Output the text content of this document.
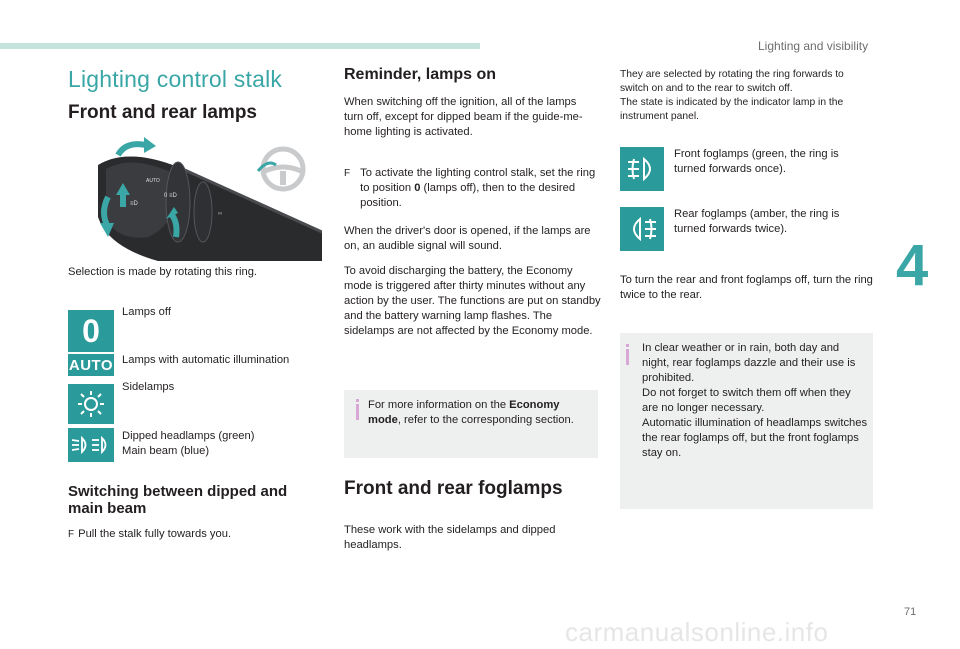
Lighting and visibility
Lighting control stalk
Front and rear lamps
AUTO
0 ≡D
≡D
∞
Selection is made by rotating this ring.
0
Lamps off
AUTO Lamps with automatic illumination
Sidelamps
Dipped headlamps (green)
Main beam (blue)
Switching between dipped and main beam
F Pull the stalk fully towards you.
Reminder, lamps on
When switching off the ignition, all of the lamps turn off, except for dipped beam if the guide-me-home lighting is activated.
F To activate the lighting control stalk, set the ring to position 0 (lamps off), then to the desired position.
When the driver's door is opened, if the lamps are on, an audible signal will sound.
To avoid discharging the battery, the Economy mode is triggered after thirty minutes without any action by the user. The functions are put on standby and the battery warning lamp flashes. The sidelamps are not affected by the Economy mode.
For more information on the Economy mode, refer to the corresponding section.
Front and rear foglamps
These work with the sidelamps and dipped headlamps.
They are selected by rotating the ring forwards to switch on and to the rear to switch off.
The state is indicated by the indicator lamp in the instrument panel.
Front foglamps (green, the ring is turned forwards once).
Rear foglamps (amber, the ring is turned forwards twice).
To turn the rear and front foglamps off, turn the ring twice to the rear.
In clear weather or in rain, both day and night, rear foglamps dazzle and their use is prohibited.
Do not forget to switch them off when they are no longer necessary.
Automatic illumination of headlamps switches the rear foglamps off, but the front foglamps stay on.
4
71
carmanualsonline.info
